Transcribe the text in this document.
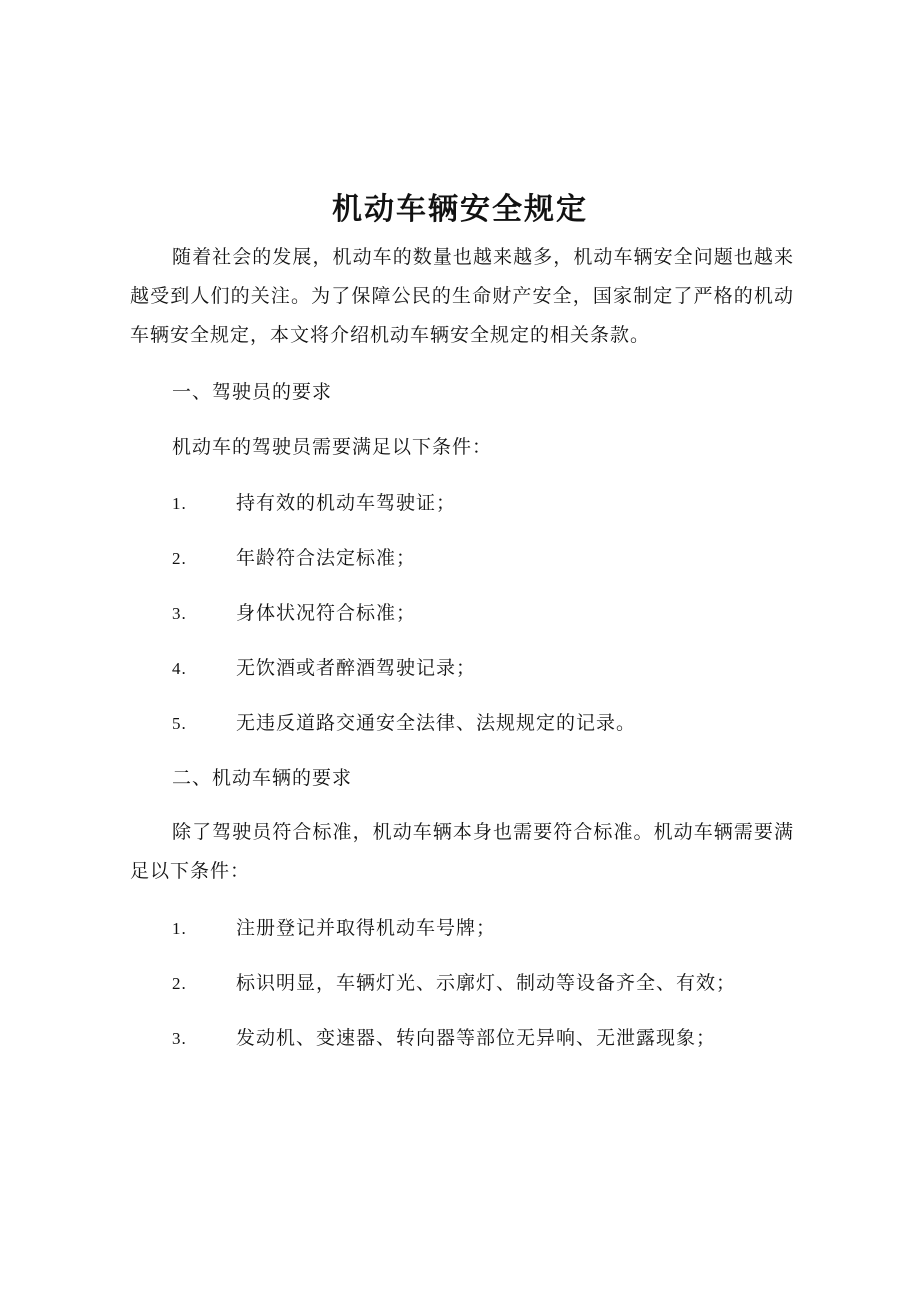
机动车辆安全规定

随着社会的发展，机动车的数量也越来越多，机动车辆安全问题也越来越受到人们的关注。为了保障公民的生命财产安全，国家制定了严格的机动车辆安全规定，本文将介绍机动车辆安全规定的相关条款。

一、驾驶员的要求

机动车的驾驶员需要满足以下条件：

1.	持有效的机动车驾驶证；

2.	年龄符合法定标准；

3.	身体状况符合标准；

4.	无饮酒或者醉酒驾驶记录；

5.	无违反道路交通安全法律、法规规定的记录。

二、机动车辆的要求

除了驾驶员符合标准，机动车辆本身也需要符合标准。机动车辆需要满足以下条件：

1.	注册登记并取得机动车号牌；

2.	标识明显，车辆灯光、示廓灯、制动等设备齐全、有效；

3.	发动机、变速器、转向器等部位无异响、无泄露现象；
